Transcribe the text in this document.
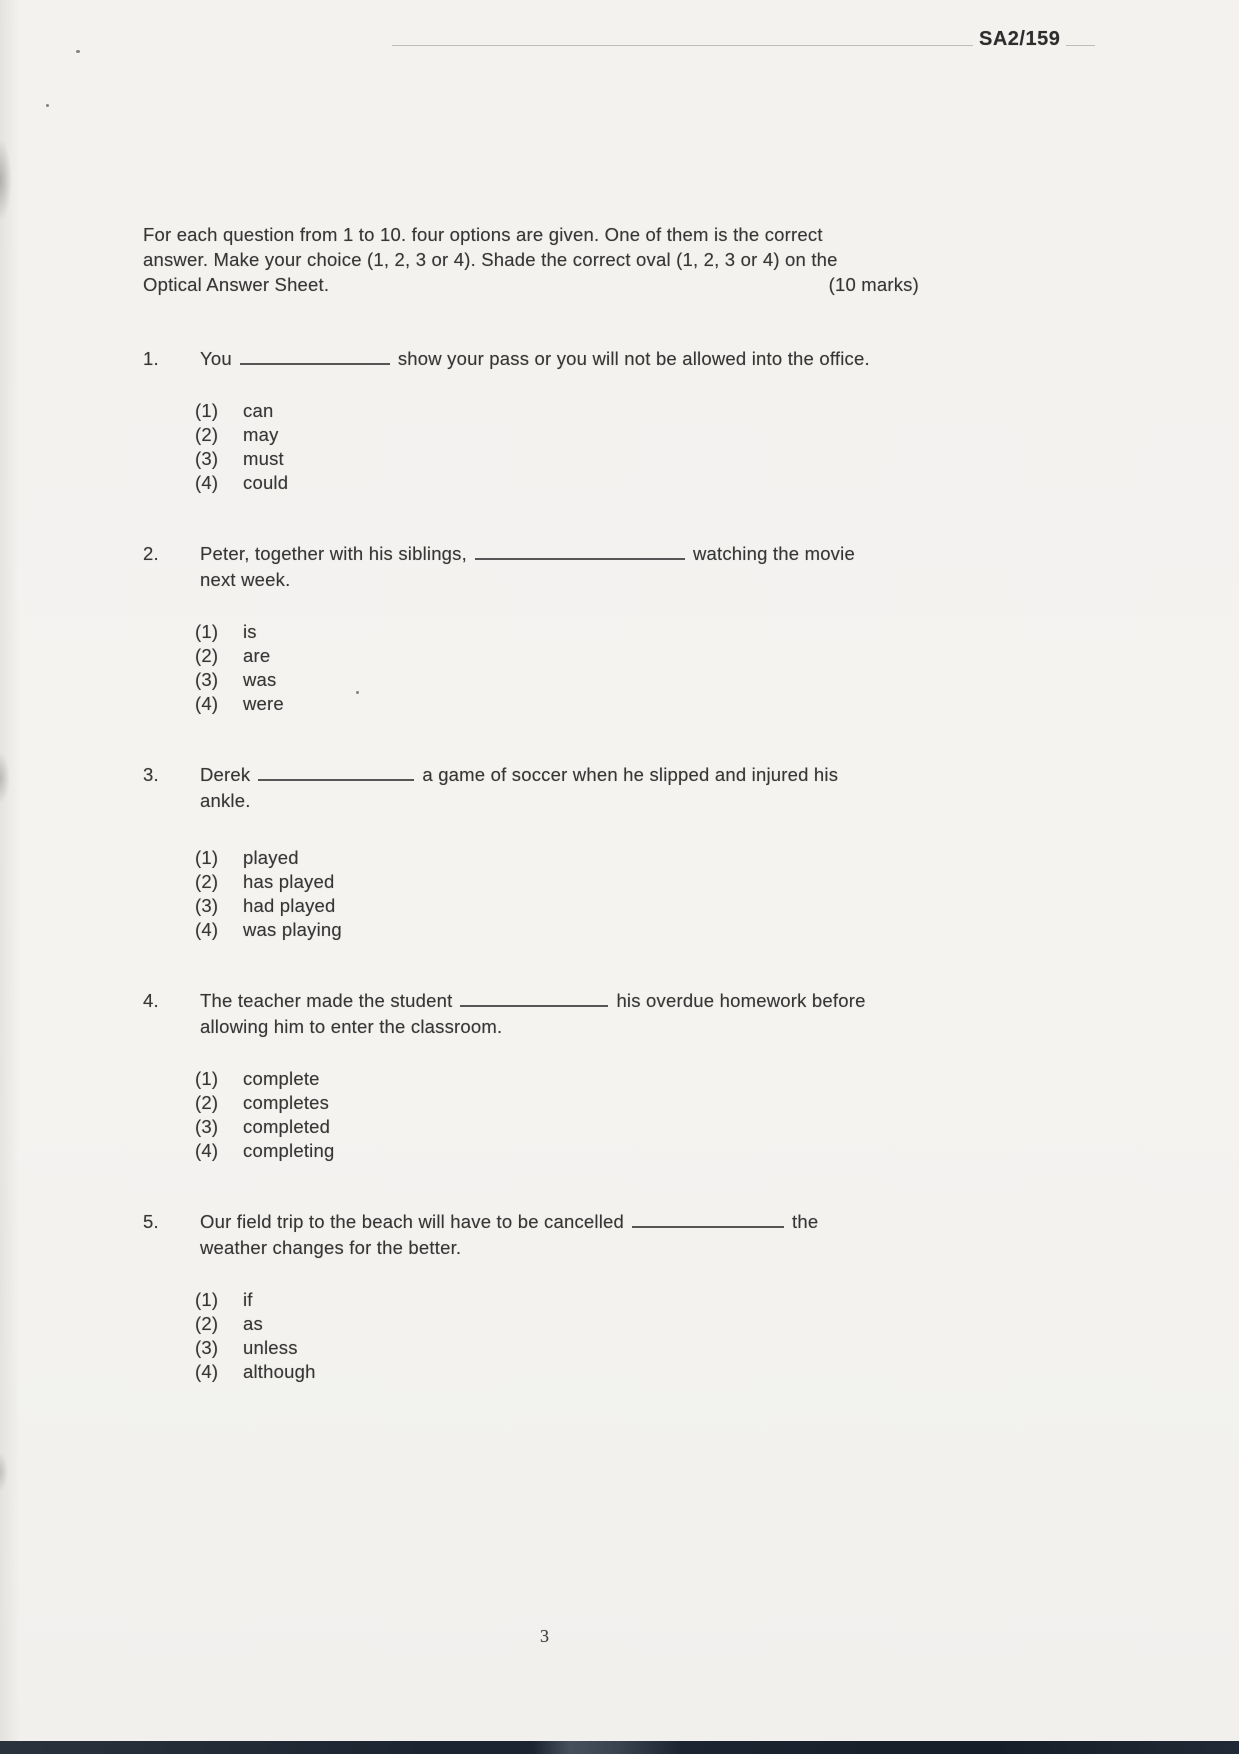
SA2/159
For each question from 1 to 10. four options are given. One of them is the correct
answer. Make your choice (1, 2, 3 or 4). Shade the correct oval (1, 2, 3 or 4) on the
Optical Answer Sheet.	(10 marks)
1.	You	show your pass or you will not be allowed into the office.
(1)	can
(2)	may
(3)	must
(4)	could
2.	Peter, together with his siblings,	watching the movie
next week.
(1)	is
(2)	are
(3)	was
(4)	were
3.	Derek	a game of soccer when he slipped and injured his
ankle.
(1)	played
(2)	has played
(3)	had played
(4)	was playing
4.	The teacher made the student	his overdue homework before
allowing him to enter the classroom.
(1)	complete
(2)	completes
(3)	completed
(4)	completing
5.	Our field trip to the beach will have to be cancelled	the
weather changes for the better.
(1)	if
(2)	as
(3)	unless
(4)	although
3
